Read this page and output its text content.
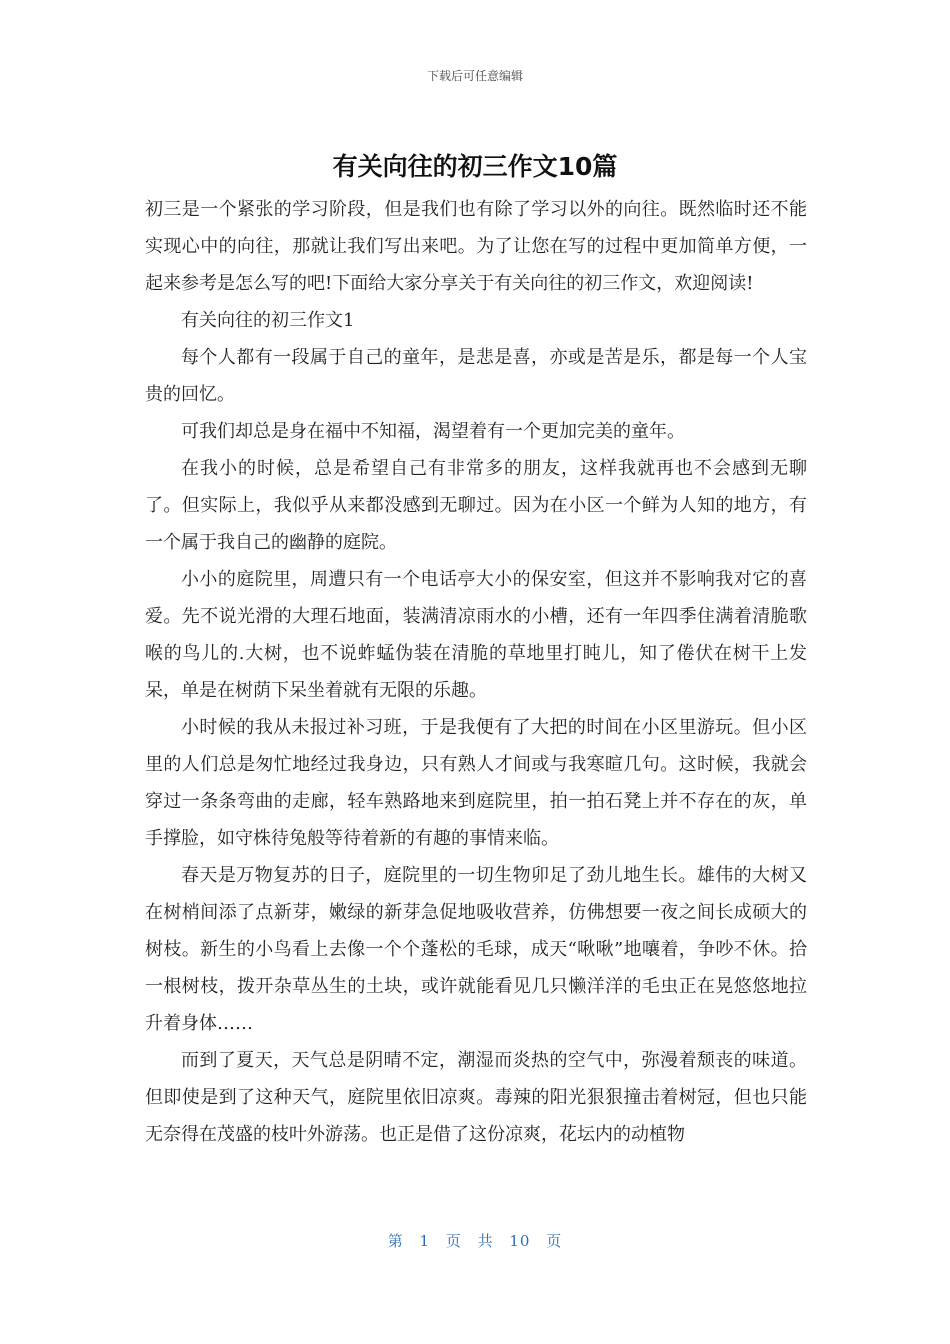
下载后可任意编辑
有关向往的初三作文10篇

初三是一个紧张的学习阶段，但是我们也有除了学习以外的向往。既然临时还不能实现心中的向往，那就让我们写出来吧。为了让您在写的过程中更加简单方便，一起来参考是怎么写的吧!下面给大家分享关于有关向往的初三作文，欢迎阅读!

有关向往的初三作文1

每个人都有一段属于自己的童年，是悲是喜，亦或是苦是乐，都是每一个人宝贵的回忆。

可我们却总是身在福中不知福，渴望着有一个更加完美的童年。

在我小的时候，总是希望自己有非常多的朋友，这样我就再也不会感到无聊了。但实际上，我似乎从来都没感到无聊过。因为在小区一个鲜为人知的地方，有一个属于我自己的幽静的庭院。

小小的庭院里，周遭只有一个电话亭大小的保安室，但这并不影响我对它的喜爱。先不说光滑的大理石地面，装满清凉雨水的小槽，还有一年四季住满着清脆歌喉的鸟儿的.大树，也不说蚱蜢伪装在清脆的草地里打盹儿，知了倦伏在树干上发呆，单是在树荫下呆坐着就有无限的乐趣。

小时候的我从未报过补习班，于是我便有了大把的时间在小区里游玩。但小区里的人们总是匆忙地经过我身边，只有熟人才间或与我寒暄几句。这时候，我就会穿过一条条弯曲的走廊，轻车熟路地来到庭院里，拍一拍石凳上并不存在的灰，单手撑脸，如守株待兔般等待着新的有趣的事情来临。

春天是万物复苏的日子，庭院里的一切生物卯足了劲儿地生长。雄伟的大树又在树梢间添了点新芽，嫩绿的新芽急促地吸收营养，仿佛想要一夜之间长成硕大的树枝。新生的小鸟看上去像一个个蓬松的毛球，成天“啾啾”地嚷着，争吵不休。拾一根树枝，拨开杂草丛生的土块，或许就能看见几只懒洋洋的毛虫正在晃悠悠地拉升着身体……

而到了夏天，天气总是阴晴不定，潮湿而炎热的空气中，弥漫着颓丧的味道。但即使是到了这种天气，庭院里依旧凉爽。毒辣的阳光狠狠撞击着树冠，但也只能无奈得在茂盛的枝叶外游荡。也正是借了这份凉爽，花坛内的动植物

第 1 页 共 10 页
